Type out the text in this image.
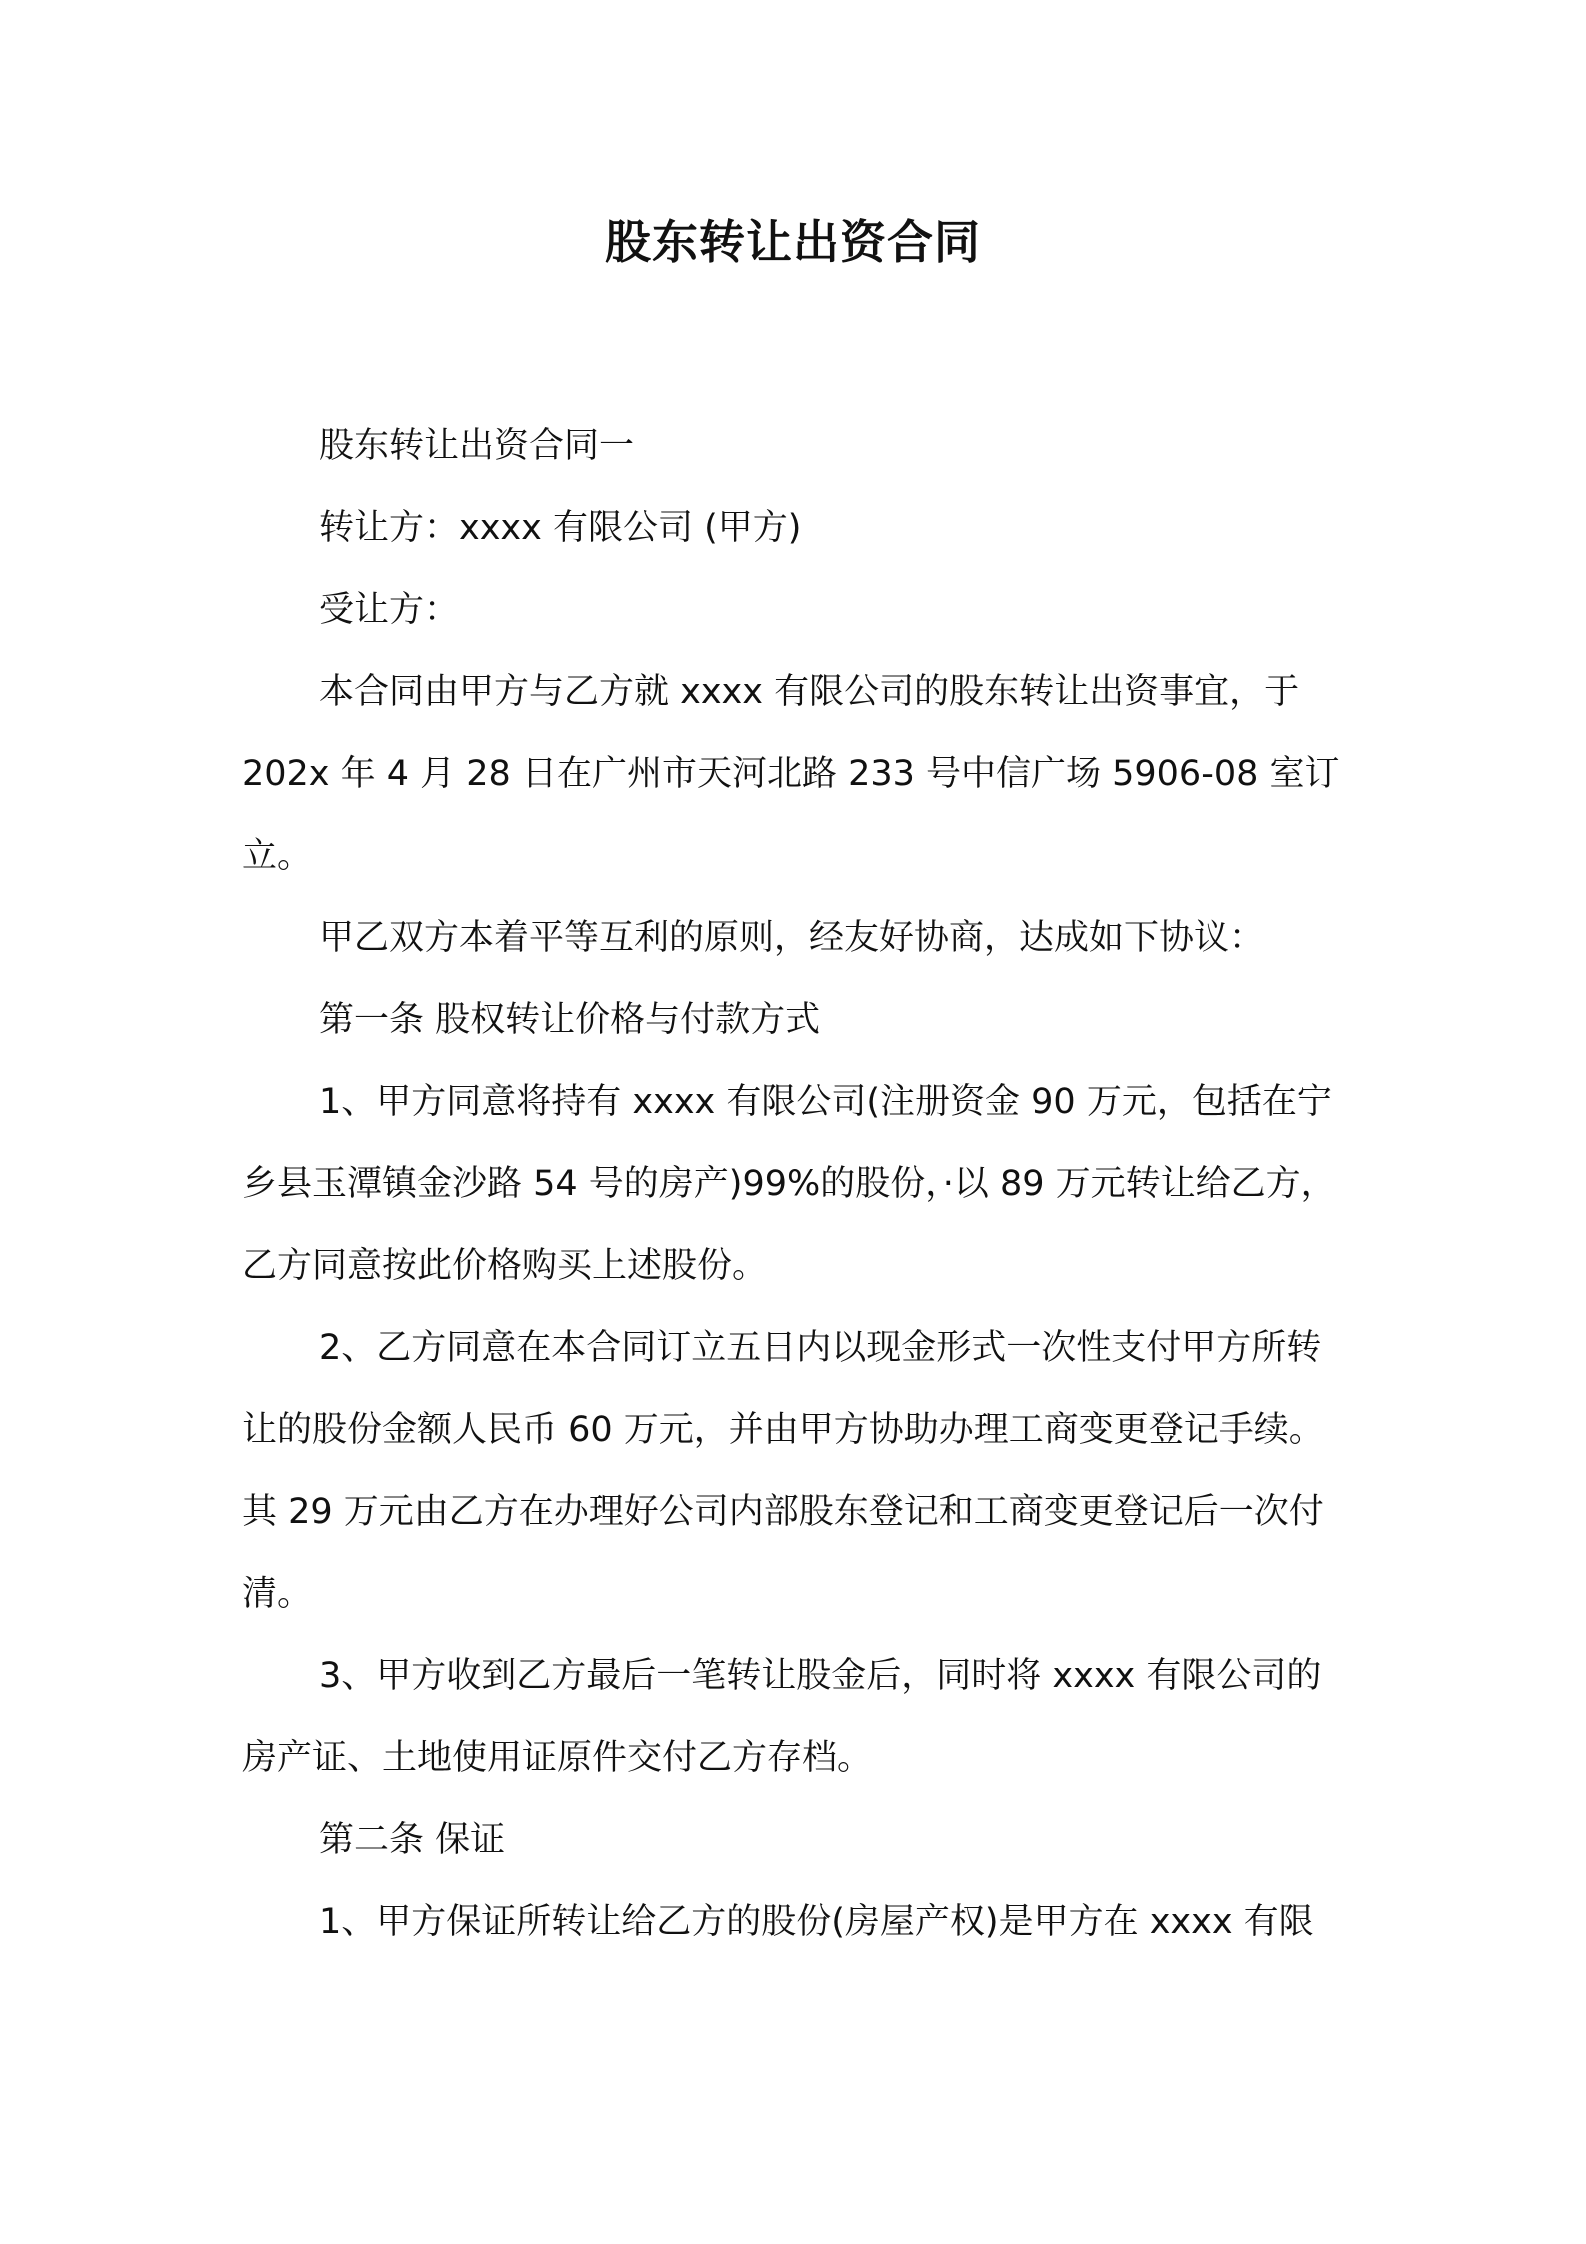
股东转让出资合同

股东转让出资合同一

转让方：xxxx 有限公司 (甲方)

受让方：

本合同由甲方与乙方就 xxxx 有限公司的股东转让出资事宜，于 202x 年 4 月 28 日在广州市天河北路 233 号中信广场 5906-08 室订立。

甲乙双方本着平等互利的原则，经友好协商，达成如下协议：

第一条 股权转让价格与付款方式

1、甲方同意将持有 xxxx 有限公司(注册资金 90 万元，包括在宁乡县玉潭镇金沙路 54 号的房产)99%的股份，·以 89 万元转让给乙方，乙方同意按此价格购买上述股份。

2、乙方同意在本合同订立五日内以现金形式一次性支付甲方所转让的股份金额人民币 60 万元，并由甲方协助办理工商变更登记手续。其 29 万元由乙方在办理好公司内部股东登记和工商变更登记后一次付清。

3、甲方收到乙方最后一笔转让股金后，同时将 xxxx 有限公司的房产证、土地使用证原件交付乙方存档。

第二条 保证

1、甲方保证所转让给乙方的股份(房屋产权)是甲方在 xxxx 有限
